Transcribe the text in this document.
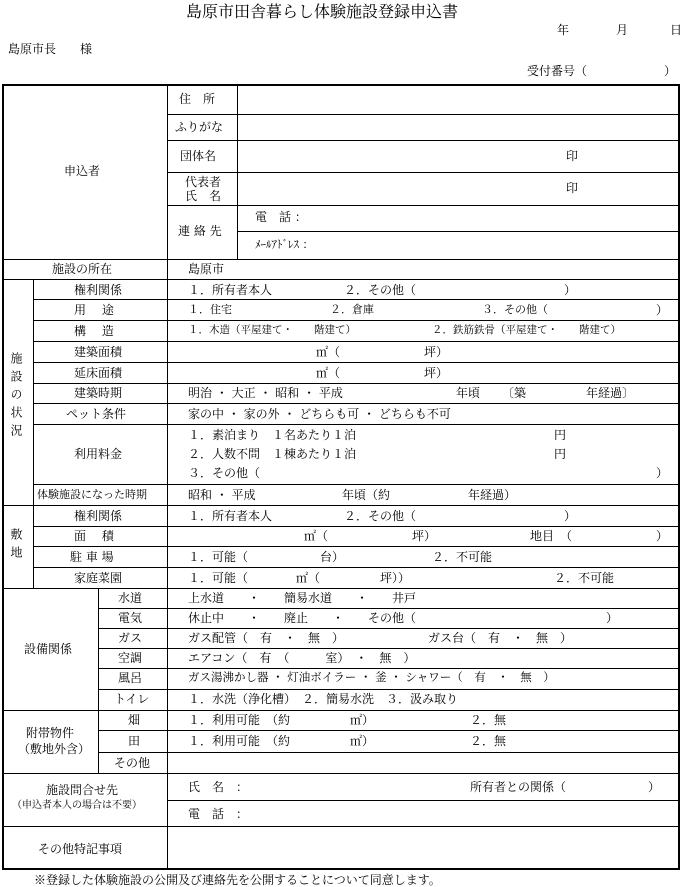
島原市田舎暮らし体験施設登録申込書
年	月	日
島原市長　　様
受付番号（	）
申込者
住　所
ふりがな
団体名	印
代表者
氏　名
印
連 絡 先
電　話 ：
ﾒｰﾙｱﾄﾞﾚｽ ：
施設の所在	島原市
施設の状況
権利関係	１．所有者本人	２．その他（	）
用　 途	１．住宅	２．倉庫	３．その他（	）
構　 造	１．木造（平屋建て・　　階建て）	２．鉄筋鉄骨（平屋建て・　　階建て）
建築面積	㎡（　　　　　　　坪）
延床面積	㎡（　　　　　　　坪）
建築時期	明治 ・ 大正 ・ 昭和 ・ 平成	年頃 〔築　　　　　年経過〕
ペット条件	家の中 ・ 家の外 ・ どちらも可 ・ どちらも不可
利用料金
１．素泊まり　１名あたり１泊	円
２．人数不問　１棟あたり１泊	円
３．その他（	）
体験施設になった時期	昭和 ・ 平成	年頃（約	年経過）
敷地
権利関係	１．所有者本人	２．その他（	）
面　 積	㎡（　　　　　　　坪）	地目　（	）
駐 車 場	１．可能（　　　　　　台）	２．不可能
家庭菜園	１．可能（　　　　㎡（　　　　　坪））	２．不可能
設備関係
水道	上水道　　・　　簡易水道　　・　　井戸
電気	休止中　　・　　廃止　　・　　その他（	）
ガス	ガス配管（　有　・　無　）	ガス台（　有　・　無　）
空調	エアコン（　有　（　　　室）　・　無　）
風呂	ガス湯沸かし器 ・ 灯油ボイラー ・ 釜 ・ シャワー（　有　・　無　）
トイレ	１．水洗（浄化槽）　２．簡易水洗　３．汲み取り
附帯物件
（敷地外含）
畑	１．利用可能　（約　　　　　㎡）	２．無
田	１．利用可能　（約　　　　　㎡）	２．無
その他
施設問合せ先
（申込者本人の場合は不要）
氏　名　：	所有者との関係（	）
電　話　：
その他特記事項
※登録した体験施設の公開及び連絡先を公開することについて同意します。
